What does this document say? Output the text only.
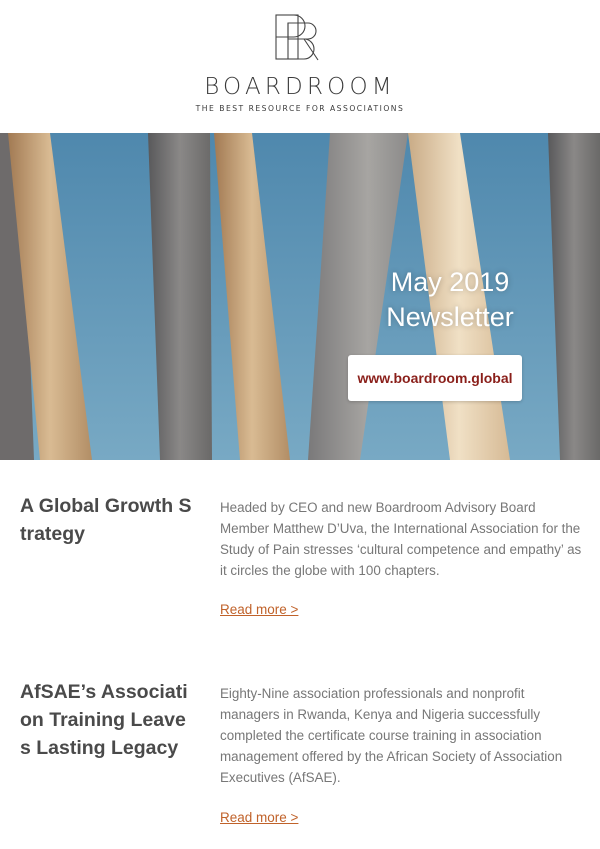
BOARDROOM
THE BEST RESOURCE FOR ASSOCIATIONS
May 2019
Newsletter
www.boardroom.global
A Global Growth Strategy
Headed by CEO and new Boardroom Advisory Board Member Matthew D’Uva, the International Association for the Study of Pain stresses ‘cultural competence and empathy’ as it circles the globe with 100 chapters.
Read more >
AfSAE’s Association Training Leaves Lasting Legacy
Eighty-Nine association professionals and nonprofit managers in Rwanda, Kenya and Nigeria successfully completed the certificate course training in association management offered by the African Society of Association Executives (AfSAE).
Read more >
